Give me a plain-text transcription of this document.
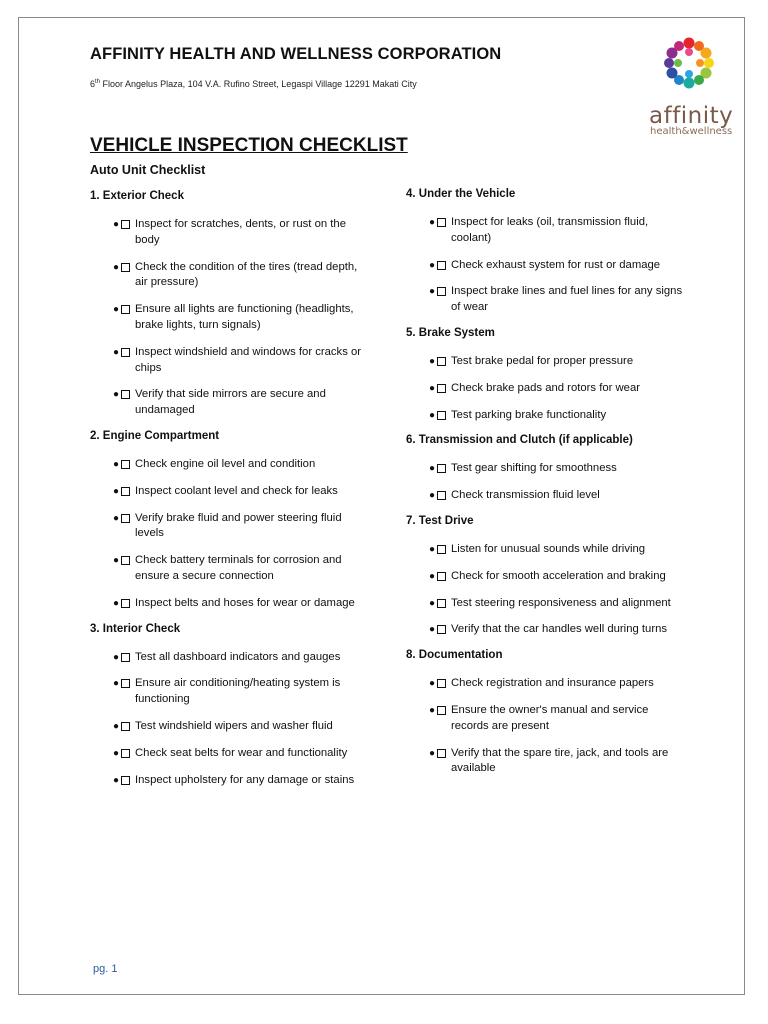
AFFINITY HEALTH AND WELLNESS CORPORATION
6th Floor Angelus Plaza, 104 V.A. Rufino Street, Legaspi Village 12291 Makati City
affinity
health&wellness
VEHICLE INSPECTION CHECKLIST
Auto Unit Checklist
1. Exterior Check
● Inspect for scratches, dents, or rust on the body
● Check the condition of the tires (tread depth, air pressure)
● Ensure all lights are functioning (headlights, brake lights, turn signals)
● Inspect windshield and windows for cracks or chips
● Verify that side mirrors are secure and undamaged
2. Engine Compartment
● Check engine oil level and condition
● Inspect coolant level and check for leaks
● Verify brake fluid and power steering fluid levels
● Check battery terminals for corrosion and ensure a secure connection
● Inspect belts and hoses for wear or damage
3. Interior Check
● Test all dashboard indicators and gauges
● Ensure air conditioning/heating system is functioning
● Test windshield wipers and washer fluid
● Check seat belts for wear and functionality
● Inspect upholstery for any damage or stains
4. Under the Vehicle
● Inspect for leaks (oil, transmission fluid, coolant)
● Check exhaust system for rust or damage
● Inspect brake lines and fuel lines for any signs of wear
5. Brake System
● Test brake pedal for proper pressure
● Check brake pads and rotors for wear
● Test parking brake functionality
6. Transmission and Clutch (if applicable)
● Test gear shifting for smoothness
● Check transmission fluid level
7. Test Drive
● Listen for unusual sounds while driving
● Check for smooth acceleration and braking
● Test steering responsiveness and alignment
● Verify that the car handles well during turns
8. Documentation
● Check registration and insurance papers
● Ensure the owner's manual and service records are present
● Verify that the spare tire, jack, and tools are available
pg. 1
